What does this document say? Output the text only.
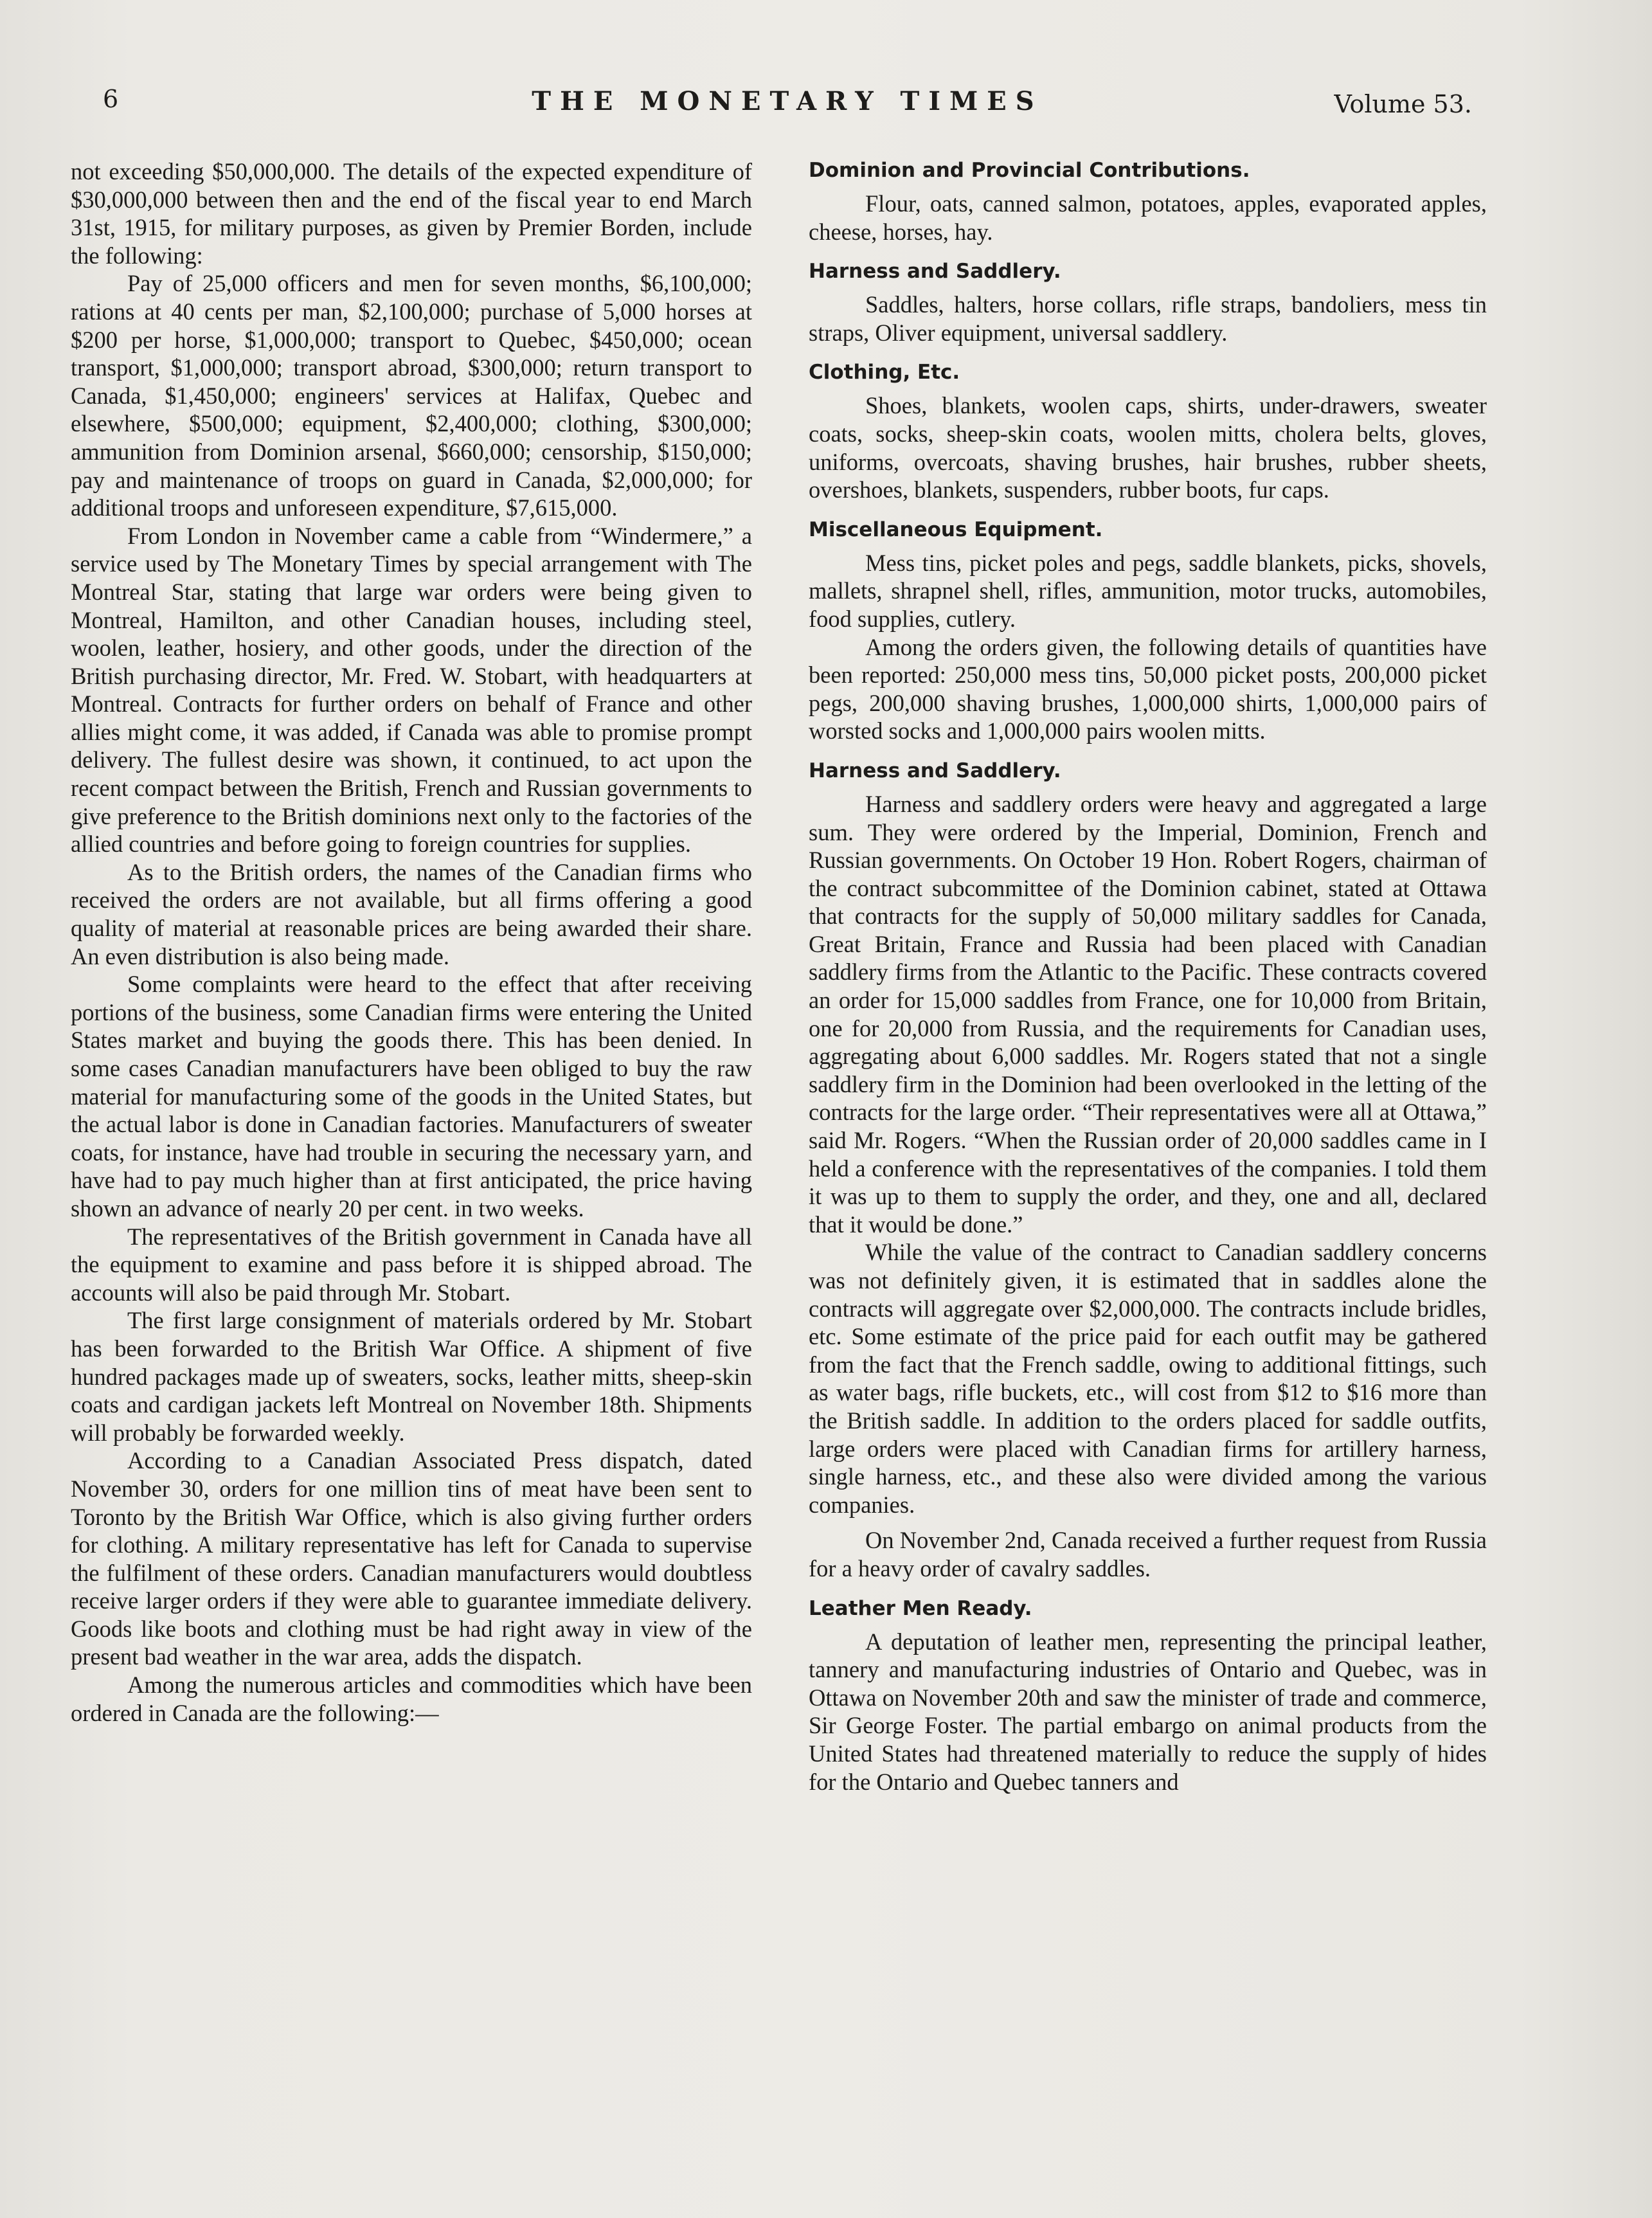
6	THE MONETARY TIMES	Volume 53.

not exceeding $50,000,000. The details of the expected expenditure of $30,000,000 between then and the end of the fiscal year to end March 31st, 1915, for military purposes, as given by Premier Borden, include the following:

Pay of 25,000 officers and men for seven months, $6,100,000; rations at 40 cents per man, $2,100,000; purchase of 5,000 horses at $200 per horse, $1,000,000; transport to Quebec, $450,000; ocean transport, $1,000,000; transport abroad, $300,000; return transport to Canada, $1,450,000; engineers' services at Halifax, Quebec and elsewhere, $500,000; equipment, $2,400,000; clothing, $300,000; ammunition from Dominion arsenal, $660,000; censorship, $150,000; pay and maintenance of troops on guard in Canada, $2,000,000; for additional troops and unforeseen expenditure, $7,615,000.

From London in November came a cable from “Windermere,” a service used by The Monetary Times by special arrangement with The Montreal Star, stating that large war orders were being given to Montreal, Hamilton, and other Canadian houses, including steel, woolen, leather, hosiery, and other goods, under the direction of the British purchasing director, Mr. Fred. W. Stobart, with headquarters at Montreal. Contracts for further orders on behalf of France and other allies might come, it was added, if Canada was able to promise prompt delivery. The fullest desire was shown, it continued, to act upon the recent compact between the British, French and Russian governments to give preference to the British dominions next only to the factories of the allied countries and before going to foreign countries for supplies.

As to the British orders, the names of the Canadian firms who received the orders are not available, but all firms offering a good quality of material at reasonable prices are being awarded their share. An even distribution is also being made.

Some complaints were heard to the effect that after receiving portions of the business, some Canadian firms were entering the United States market and buying the goods there. This has been denied. In some cases Canadian manufacturers have been obliged to buy the raw material for manufacturing some of the goods in the United States, but the actual labor is done in Canadian factories. Manufacturers of sweater coats, for instance, have had trouble in securing the necessary yarn, and have had to pay much higher than at first anticipated, the price having shown an advance of nearly 20 per cent. in two weeks.

The representatives of the British government in Canada have all the equipment to examine and pass before it is shipped abroad. The accounts will also be paid through Mr. Stobart.

The first large consignment of materials ordered by Mr. Stobart has been forwarded to the British War Office. A shipment of five hundred packages made up of sweaters, socks, leather mitts, sheep-skin coats and cardigan jackets left Montreal on November 18th. Shipments will probably be forwarded weekly.

According to a Canadian Associated Press dispatch, dated November 30, orders for one million tins of meat have been sent to Toronto by the British War Office, which is also giving further orders for clothing. A military representative has left for Canada to supervise the fulfilment of these orders. Canadian manufacturers would doubtless receive larger orders if they were able to guarantee immediate delivery. Goods like boots and clothing must be had right away in view of the present bad weather in the war area, adds the dispatch.

Among the numerous articles and commodities which have been ordered in Canada are the following:—

Dominion and Provincial Contributions.

Flour, oats, canned salmon, potatoes, apples, evaporated apples, cheese, horses, hay.

Harness and Saddlery.

Saddles, halters, horse collars, rifle straps, bandoliers, mess tin straps, Oliver equipment, universal saddlery.

Clothing, Etc.

Shoes, blankets, woolen caps, shirts, under-drawers, sweater coats, socks, sheep-skin coats, woolen mitts, cholera belts, gloves, uniforms, overcoats, shaving brushes, hair brushes, rubber sheets, overshoes, blankets, suspenders, rubber boots, fur caps.

Miscellaneous Equipment.

Mess tins, picket poles and pegs, saddle blankets, picks, shovels, mallets, shrapnel shell, rifles, ammunition, motor trucks, automobiles, food supplies, cutlery.

Among the orders given, the following details of quantities have been reported: 250,000 mess tins, 50,000 picket posts, 200,000 picket pegs, 200,000 shaving brushes, 1,000,000 shirts, 1,000,000 pairs of worsted socks and 1,000,000 pairs woolen mitts.

Harness and Saddlery.

Harness and saddlery orders were heavy and aggregated a large sum. They were ordered by the Imperial, Dominion, French and Russian governments. On October 19 Hon. Robert Rogers, chairman of the contract subcommittee of the Dominion cabinet, stated at Ottawa that contracts for the supply of 50,000 military saddles for Canada, Great Britain, France and Russia had been placed with Canadian saddlery firms from the Atlantic to the Pacific. These contracts covered an order for 15,000 saddles from France, one for 10,000 from Britain, one for 20,000 from Russia, and the requirements for Canadian uses, aggregating about 6,000 saddles. Mr. Rogers stated that not a single saddlery firm in the Dominion had been overlooked in the letting of the contracts for the large order. “Their representatives were all at Ottawa,” said Mr. Rogers. “When the Russian order of 20,000 saddles came in I held a conference with the representatives of the companies. I told them it was up to them to supply the order, and they, one and all, declared that it would be done.”

While the value of the contract to Canadian saddlery concerns was not definitely given, it is estimated that in saddles alone the contracts will aggregate over $2,000,000. The contracts include bridles, etc. Some estimate of the price paid for each outfit may be gathered from the fact that the French saddle, owing to additional fittings, such as water bags, rifle buckets, etc., will cost from $12 to $16 more than the British saddle. In addition to the orders placed for saddle outfits, large orders were placed with Canadian firms for artillery harness, single harness, etc., and these also were divided among the various companies.

On November 2nd, Canada received a further request from Russia for a heavy order of cavalry saddles.

Leather Men Ready.

A deputation of leather men, representing the principal leather, tannery and manufacturing industries of Ontario and Quebec, was in Ottawa on November 20th and saw the minister of trade and commerce, Sir George Foster. The partial embargo on animal products from the United States had threatened materially to reduce the supply of hides for the Ontario and Quebec tanners and
